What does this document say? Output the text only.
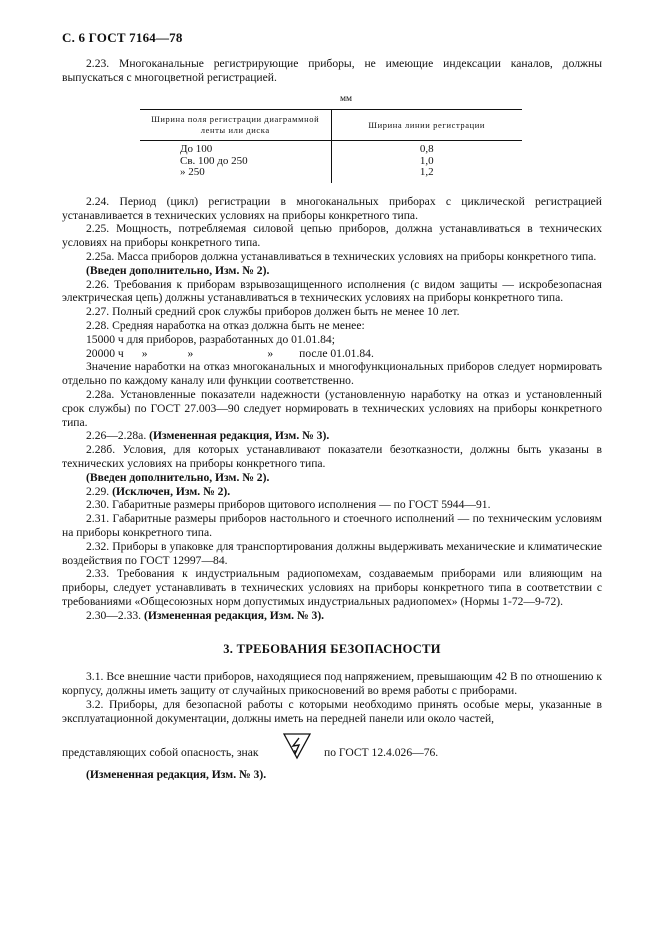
С. 6 ГОСТ 7164—78

2.23. Многоканальные регистрирующие приборы, не имеющие индексации каналов, должны выпускаться с многоцветной регистрацией.

мм
Ширина поля регистрации диаграммной ленты или диска	Ширина линии регистрации
До 100	0,8
Св. 100 до 250	1,0
» 250	1,2

2.24. Период (цикл) регистрации в многоканальных приборах с циклической регистрацией устанавливается в технических условиях на приборы конкретного типа.

2.25. Мощность, потребляемая силовой цепью приборов, должна устанавливаться в технических условиях на приборы конкретного типа.

2.25а. Масса приборов должна устанавливаться в технических условиях на приборы конкретного типа.

(Введен дополнительно, Изм. № 2).

2.26. Требования к приборам взрывозащищенного исполнения (с видом защиты — искробезопасная электрическая цепь) должны устанавливаться в технических условиях на приборы конкретного типа.

2.27. Полный средний срок службы приборов должен быть не менее 10 лет.

2.28. Средняя наработка на отказ должна быть не менее:

15000 ч для приборов, разработанных до 01.01.84;

20000 ч »	»	» после 01.01.84.

Значение наработки на отказ многоканальных и многофункциональных приборов следует нормировать отдельно по каждому каналу или функции соответственно.

2.28а. Установленные показатели надежности (установленную наработку на отказ и установленный срок службы) по ГОСТ 27.003—90 следует нормировать в технических условиях на приборы конкретного типа.

2.26—2.28а. (Измененная редакция, Изм. № 3).

2.28б. Условия, для которых устанавливают показатели безотказности, должны быть указаны в технических условиях на приборы конкретного типа.

(Введен дополнительно, Изм. № 2).

2.29. (Исключен, Изм. № 2).

2.30. Габаритные размеры приборов щитового исполнения — по ГОСТ 5944—91.

2.31. Габаритные размеры приборов настольного и стоечного исполнений — по техническим условиям на приборы конкретного типа.

2.32. Приборы в упаковке для транспортирования должны выдерживать механические и климатические воздействия по ГОСТ 12997—84.

2.33. Требования к индустриальным радиопомехам, создаваемым приборами или влияющим на приборы, следует устанавливать в технических условиях на приборы конкретного типа в соответствии с требованиями «Общесоюзных норм допустимых индустриальных радиопомех» (Нормы 1-72—9-72).

2.30—2.33. (Измененная редакция, Изм. № 3).

3. ТРЕБОВАНИЯ БЕЗОПАСНОСТИ

3.1. Все внешние части приборов, находящиеся под напряжением, превышающим 42 В по отношению к корпусу, должны иметь защиту от случайных прикосновений во время работы с приборами.

3.2. Приборы, для безопасной работы с которыми необходимо принять особые меры, указанные в эксплуатационной документации, должны иметь на передней панели или около частей,

представляющих собой опасность, знак	по ГОСТ 12.4.026—76.

(Измененная редакция, Изм. № 3).
